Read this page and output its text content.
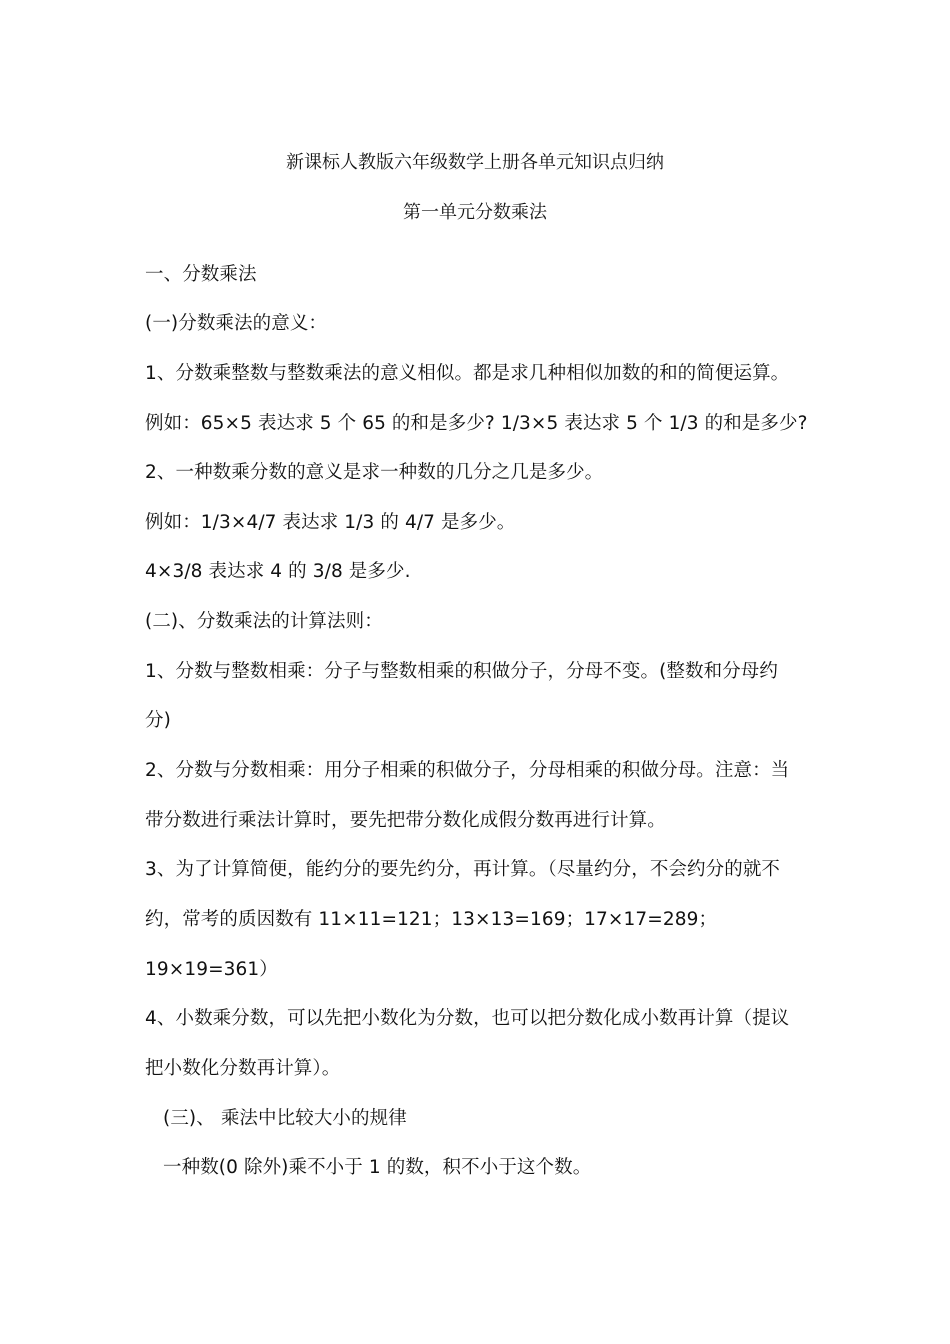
新课标人教版六年级数学上册各单元知识点归纳
第一单元分数乘法
一、分数乘法
(一)分数乘法的意义：
1、分数乘整数与整数乘法的意义相似。都是求几种相似加数的和的简便运算。
例如：65×5 表达求 5 个 65 的和是多少? 1/3×5 表达求 5 个 1/3 的和是多少?
2、一种数乘分数的意义是求一种数的几分之几是多少。
例如：1/3×4/7 表达求 1/3 的 4/7 是多少。
4×3/8 表达求 4 的 3/8 是多少.
(二)、分数乘法的计算法则：
1、分数与整数相乘：分子与整数相乘的积做分子，分母不变。(整数和分母约
分)
2、分数与分数相乘：用分子相乘的积做分子，分母相乘的积做分母。注意：当
带分数进行乘法计算时，要先把带分数化成假分数再进行计算。
3、为了计算简便，能约分的要先约分，再计算。（尽量约分，不会约分的就不
约，常考的质因数有 11×11=121；13×13=169；17×17=289；
19×19=361）
4、小数乘分数，可以先把小数化为分数，也可以把分数化成小数再计算（提议
把小数化分数再计算）。
(三)、 乘法中比较大小的规律
一种数(0 除外)乘不小于 1 的数，积不小于这个数。
